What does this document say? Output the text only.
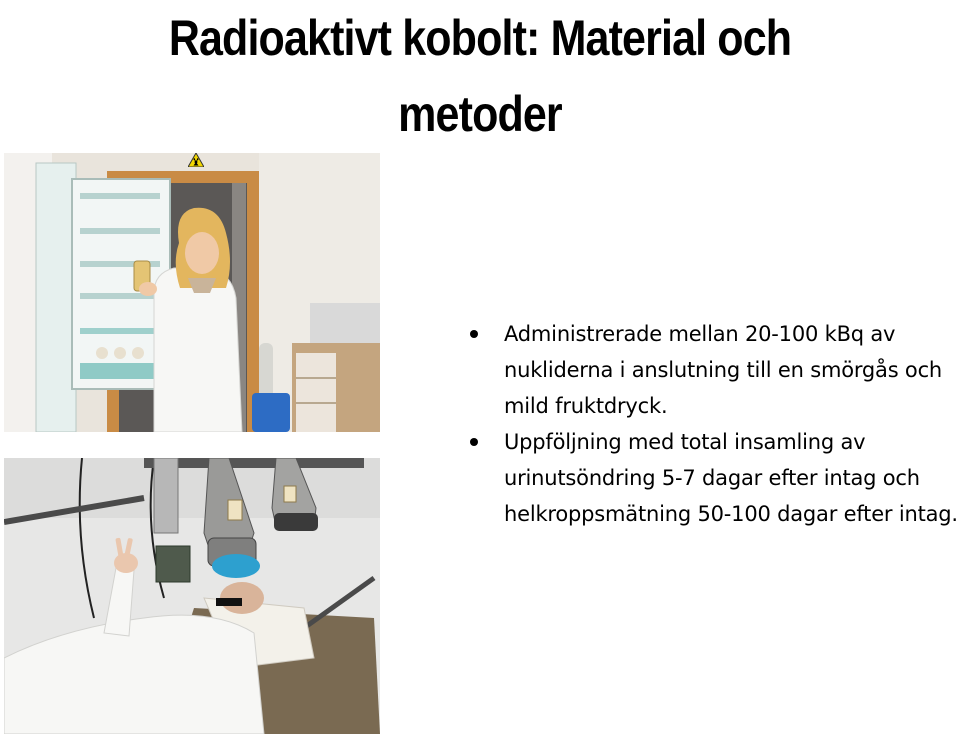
Radioaktivt kobolt: Material och
metoder
Administrerade mellan 20-100 kBq av nukliderna i anslutning till en smörgås och mild fruktdryck.
Uppföljning med total insamling av urinutsöndring 5-7 dagar efter intag och helkroppsmätning 50-100 dagar efter intag.
